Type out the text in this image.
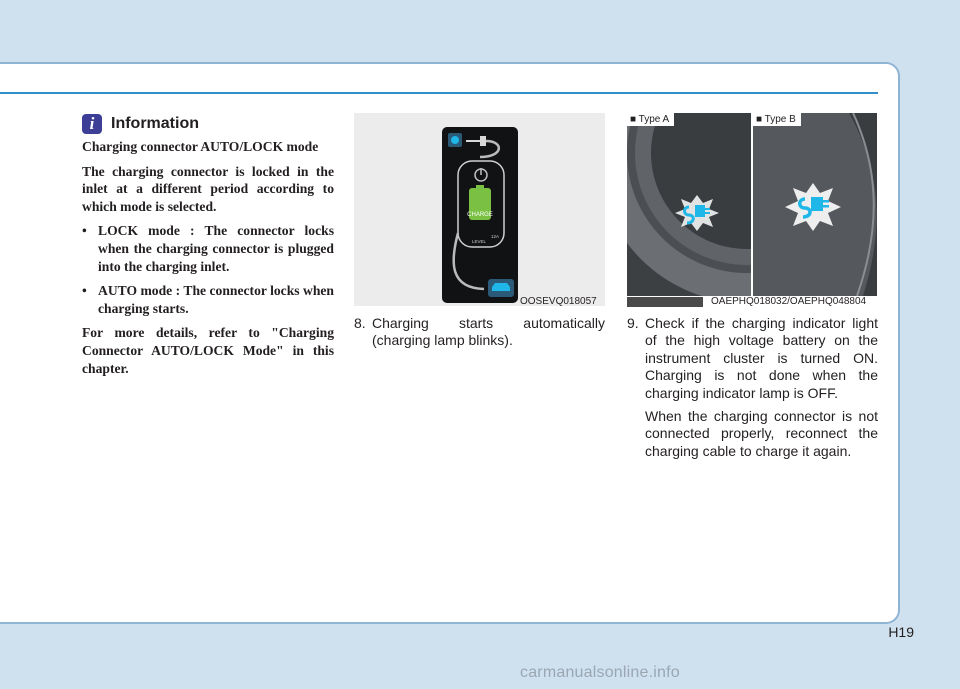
i	Information

Charging connector AUTO/LOCK mode

The charging connector is locked in the inlet at a different period according to which mode is selected.

• LOCK mode : The connector locks when the charging connector is plugged into the charging inlet.
• AUTO mode : The connector locks when charging starts.

For more details, refer to "Charging Connector AUTO/LOCK Mode" in this chapter.

CHARGE
12A
LEVEL
OOSEVQ018057
■ Type A	■ Type B
OAEPHQ018032/OAEPHQ048804
8. Charging starts automatically (charging lamp blinks).

9. Check if the charging indicator light of the high voltage battery on the instrument cluster is turned ON. Charging is not done when the charging indicator lamp is OFF.

When the charging connector is not connected properly, reconnect the charging cable to charge it again.

H19
carmanualsonline.info
